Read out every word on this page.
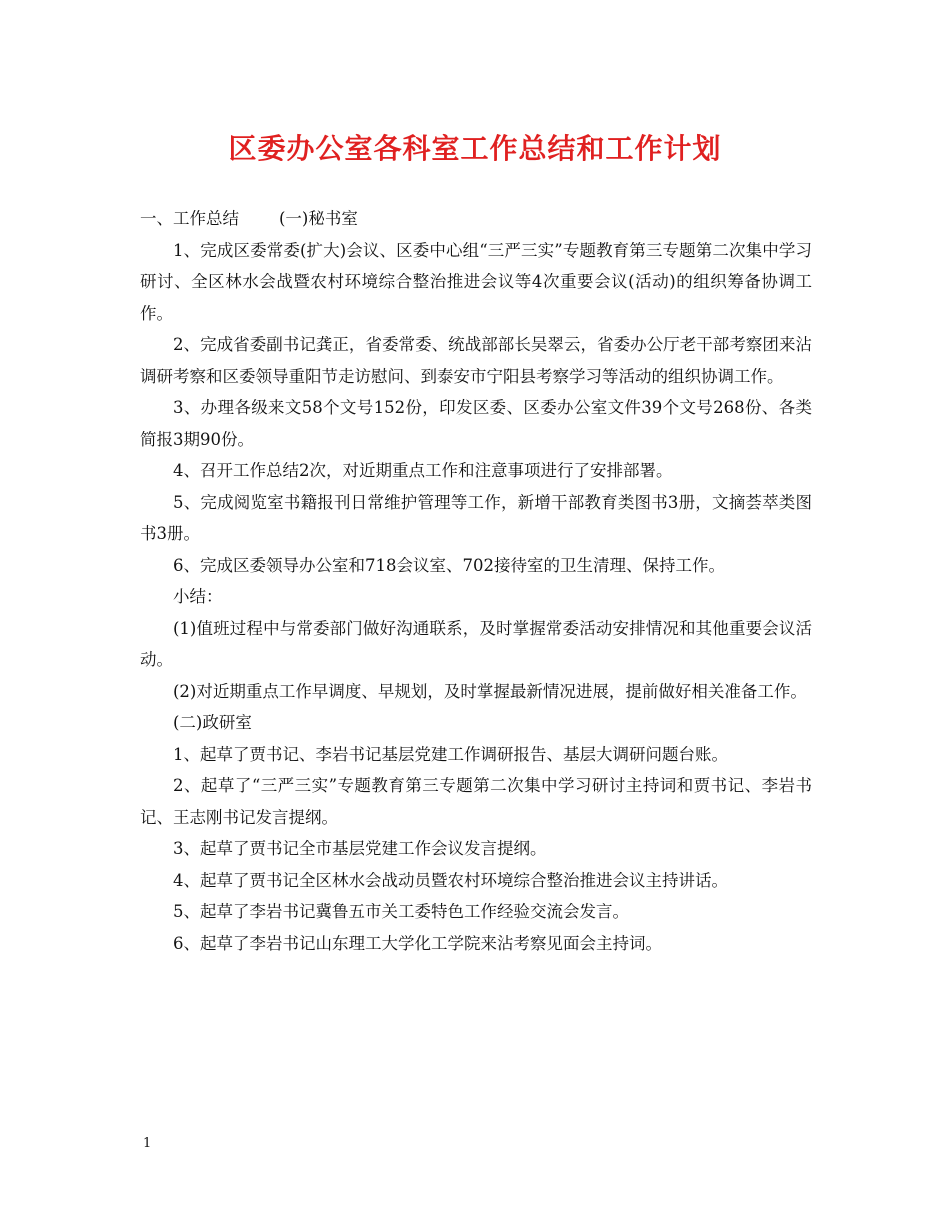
区委办公室各科室工作总结和工作计划

一、工作总结 (一)秘书室

1、完成区委常委(扩大)会议、区委中心组“三严三实”专题教育第三专题第二次集中学习研讨、全区林水会战暨农村环境综合整治推进会议等4次重要会议(活动)的组织筹备协调工作。

2、完成省委副书记龚正，省委常委、统战部部长吴翠云，省委办公厅老干部考察团来沾调研考察和区委领导重阳节走访慰问、到泰安市宁阳县考察学习等活动的组织协调工作。

3、办理各级来文58个文号152份，印发区委、区委办公室文件39个文号268份、各类简报3期90份。

4、召开工作总结2次，对近期重点工作和注意事项进行了安排部署。

5、完成阅览室书籍报刊日常维护管理等工作，新增干部教育类图书3册，文摘荟萃类图书3册。

6、完成区委领导办公室和718会议室、702接待室的卫生清理、保持工作。

小结：

(1)值班过程中与常委部门做好沟通联系，及时掌握常委活动安排情况和其他重要会议活动。

(2)对近期重点工作早调度、早规划，及时掌握最新情况进展，提前做好相关准备工作。

(二)政研室

1、起草了贾书记、李岩书记基层党建工作调研报告、基层大调研问题台账。

2、起草了“三严三实”专题教育第三专题第二次集中学习研讨主持词和贾书记、李岩书记、王志刚书记发言提纲。

3、起草了贾书记全市基层党建工作会议发言提纲。

4、起草了贾书记全区林水会战动员暨农村环境综合整治推进会议主持讲话。

5、起草了李岩书记冀鲁五市关工委特色工作经验交流会发言。

6、起草了李岩书记山东理工大学化工学院来沾考察见面会主持词。

1
